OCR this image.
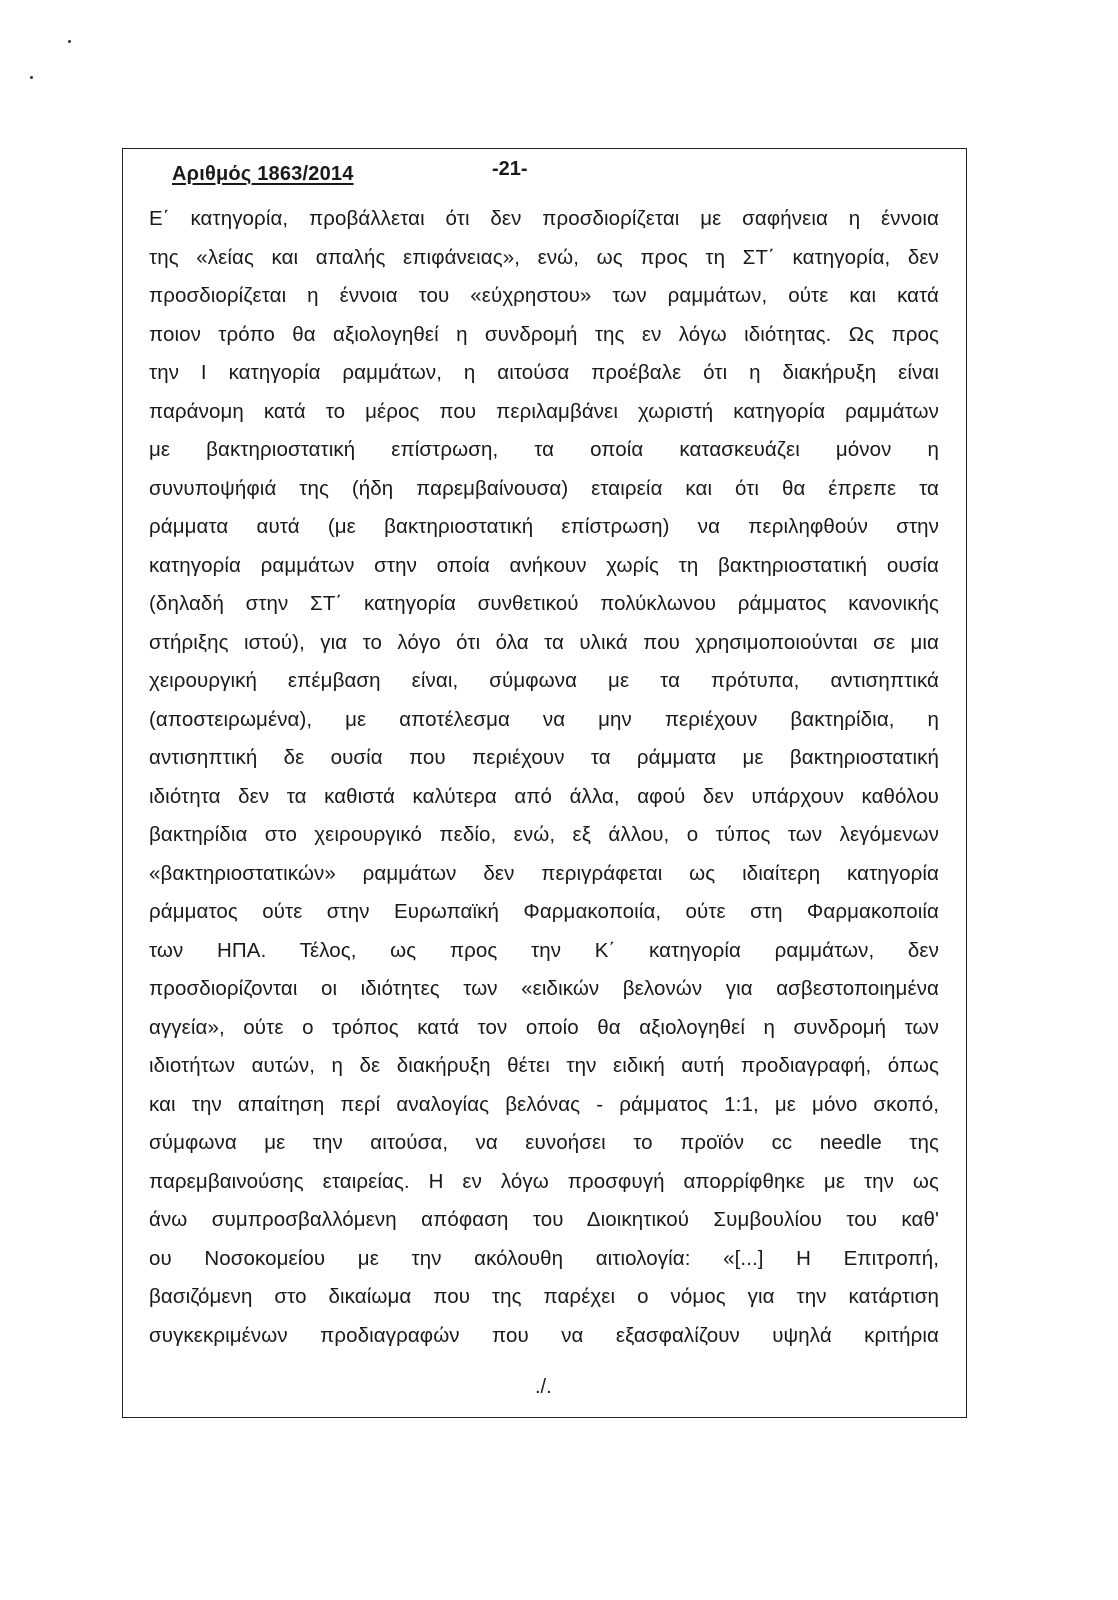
Αριθμός 1863/2014	-21-
Ε΄ κατηγορία, προβάλλεται ότι δεν προσδιορίζεται με σαφήνεια η έννοια
της «λείας και απαλής επιφάνειας», ενώ, ως προς τη ΣΤ΄ κατηγορία, δεν
προσδιορίζεται η έννοια του «εύχρηστου» των ραμμάτων, ούτε και κατά
ποιον τρόπο θα αξιολογηθεί η συνδρομή της εν λόγω ιδιότητας. Ως προς
την Ι κατηγορία ραμμάτων, η αιτούσα προέβαλε ότι η διακήρυξη είναι
παράνομη κατά το μέρος που περιλαμβάνει χωριστή κατηγορία ραμμάτων
με βακτηριοστατική επίστρωση, τα οποία κατασκευάζει μόνον η
συνυποψήφιά της (ήδη παρεμβαίνουσα) εταιρεία και ότι θα έπρεπε τα
ράμματα αυτά (με βακτηριοστατική επίστρωση) να περιληφθούν στην
κατηγορία ραμμάτων στην οποία ανήκουν χωρίς τη βακτηριοστατική ουσία
(δηλαδή στην ΣΤ΄ κατηγορία συνθετικού πολύκλωνου ράμματος κανονικής
στήριξης ιστού), για το λόγο ότι όλα τα υλικά που χρησιμοποιούνται σε μια
χειρουργική επέμβαση είναι, σύμφωνα με τα πρότυπα, αντισηπτικά
(αποστειρωμένα), με αποτέλεσμα να μην περιέχουν βακτηρίδια, η
αντισηπτική δε ουσία που περιέχουν τα ράμματα με βακτηριοστατική
ιδιότητα δεν τα καθιστά καλύτερα από άλλα, αφού δεν υπάρχουν καθόλου
βακτηρίδια στο χειρουργικό πεδίο, ενώ, εξ άλλου, ο τύπος των λεγόμενων
«βακτηριοστατικών» ραμμάτων δεν περιγράφεται ως ιδιαίτερη κατηγορία
ράμματος ούτε στην Ευρωπαϊκή Φαρμακοποιία, ούτε στη Φαρμακοποιία
των ΗΠΑ. Τέλος, ως προς την Κ΄ κατηγορία ραμμάτων, δεν
προσδιορίζονται οι ιδιότητες των «ειδικών βελονών για ασβεστοποιημένα
αγγεία», ούτε ο τρόπος κατά τον οποίο θα αξιολογηθεί η συνδρομή των
ιδιοτήτων αυτών, η δε διακήρυξη θέτει την ειδική αυτή προδιαγραφή, όπως
και την απαίτηση περί αναλογίας βελόνας - ράμματος 1:1, με μόνο σκοπό,
σύμφωνα με την αιτούσα, να ευνοήσει το προϊόν cc needle της
παρεμβαινούσης εταιρείας. Η εν λόγω προσφυγή απορρίφθηκε με την ως
άνω συμπροσβαλλόμενη απόφαση του Διοικητικού Συμβουλίου του καθ'
ου Νοσοκομείου με την ακόλουθη αιτιολογία: «[...] Η Επιτροπή,
βασιζόμενη στο δικαίωμα που της παρέχει ο νόμος για την κατάρτιση
συγκεκριμένων προδιαγραφών που να εξασφαλίζουν υψηλά κριτήρια
./.
